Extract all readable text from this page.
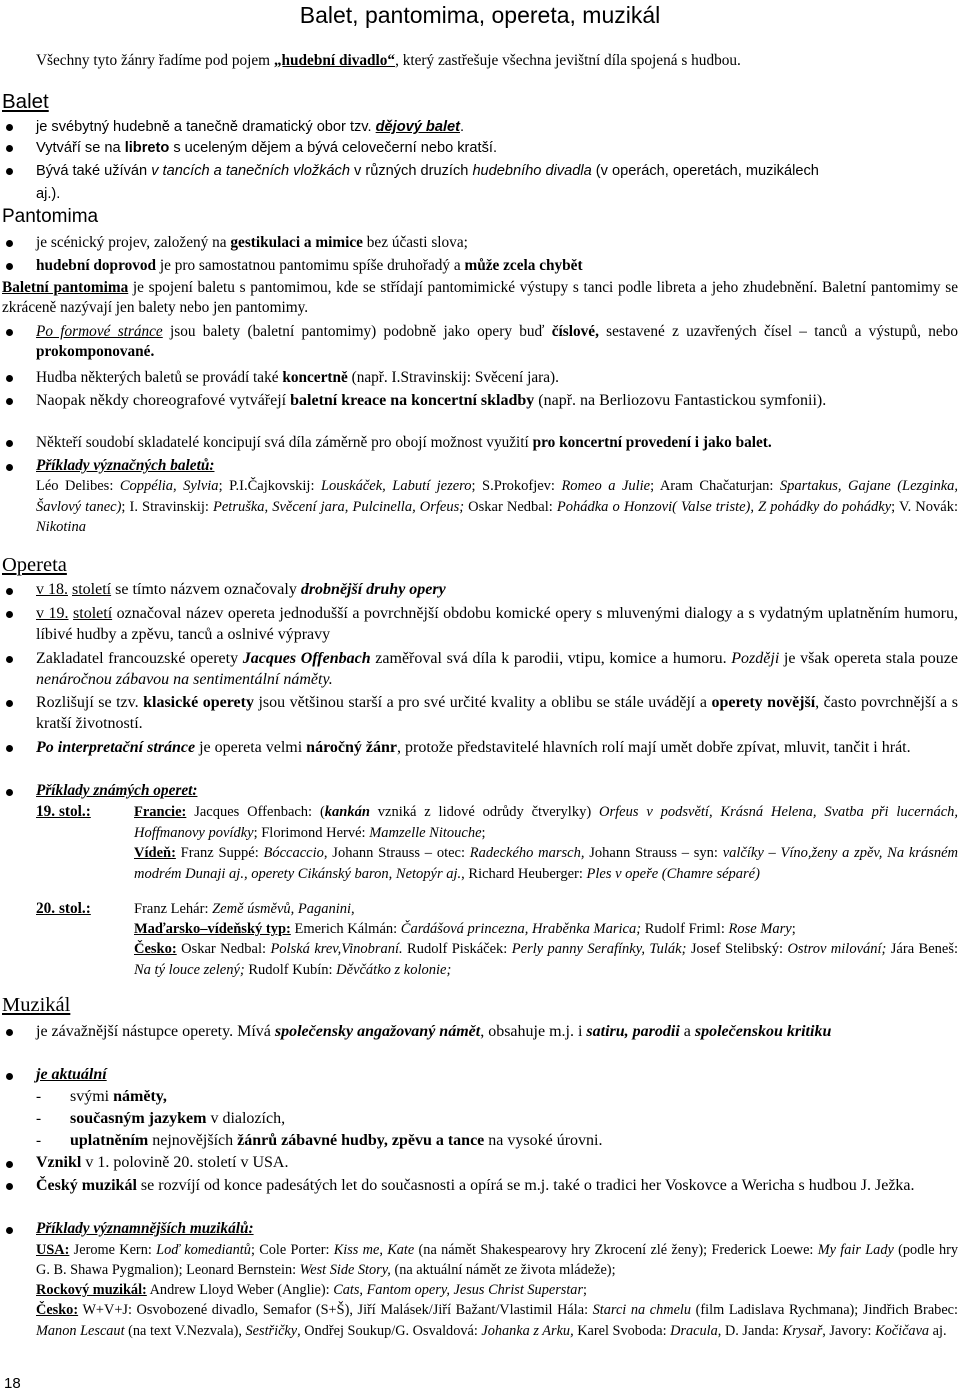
Balet, pantomima, opereta, muzikál
Všechny tyto žánry řadíme pod pojem „hudební divadlo“, který zastřešuje všechna jevištní díla spojená s hudbou.
Balet
je svébytný hudebně a tanečně dramatický obor tzv. dějový balet.
Vytváří se na libreto s uceleným dějem a bývá celovečerní nebo kratší.
Bývá také užíván v tancích a tanečních vložkách v různých druzích hudebního divadla (v operách, operetách, muzikálech
aj.).
Pantomima
je scénický projev, založený na gestikulaci a mimice bez účasti slova;
hudební doprovod je pro samostatnou pantomimu spíše druhořadý a může zcela chybět
Baletní pantomima je spojení baletu s pantomimou, kde se střídají pantomimické výstupy s tanci podle libreta a jeho zhudebnění. Baletní pantomimy se zkráceně nazývají jen balety nebo jen pantomimy.
Po formové stránce jsou balety (baletní pantomimy) podobně jako opery buď číslové, sestavené z uzavřených čísel – tanců a výstupů, nebo prokomponované.
Hudba některých baletů se provádí také koncertně (např. I.Stravinskij: Svěcení jara).
Naopak někdy choreografové vytvářejí baletní kreace na koncertní skladby (např. na Berliozovu Fantastickou symfonii).
Někteří soudobí skladatelé koncipují svá díla záměrně pro obojí možnost využití pro koncertní provedení i jako balet.
Příklady význačných baletů:
Léo Delibes: Coppélia, Sylvia; P.I.Čajkovskij: Louskáček, Labutí jezero; S.Prokofjev: Romeo a Julie; Aram Chačaturjan: Spartakus, Gajane (Lezginka, Šavlový tanec); I. Stravinskij: Petruška, Svěcení jara, Pulcinella, Orfeus; Oskar Nedbal: Pohádka o Honzovi( Valse triste), Z pohádky do pohádky; V. Novák: Nikotina
Opereta
v 18. století se tímto názvem označovaly drobnější druhy opery
v 19. století označoval název opereta jednodušší a povrchnější obdobu komické opery s mluvenými dialogy a s vydatným uplatněním humoru, líbivé hudby a zpěvu, tanců a oslnivé výpravy
Zakladatel francouzské operety Jacques Offenbach zaměřoval svá díla k parodii, vtipu, komice a humoru. Později je však opereta stala pouze nenáročnou zábavou na sentimentální náměty.
Rozlišují se tzv. klasické operety jsou většinou starší a pro své určité kvality a oblibu se stále uvádějí a operety novější, často povrchnější a s kratší životností.
Po interpretační stránce je opereta velmi náročný žánr, protože představitelé hlavních rolí mají umět dobře zpívat, mluvit, tančit i hrát.
Příklady známých operet:
19. stol.:	Francie: Jacques Offenbach: (kankán vzniká z lidové odrůdy čtverylky) Orfeus v podsvětí, Krásná Helena, Svatba při lucernách, Hoffmanovy povídky; Florimond Hervé: Mamzelle Nitouche;
Vídeň: Franz Suppé: Bóccaccio, Johann Strauss – otec: Radeckého marsch, Johann Strauss – syn: valčíky – Víno,ženy a zpěv, Na krásném modrém Dunaji aj., operety Cikánský baron, Netopýr aj., Richard Heuberger: Ples v opeře (Chamre séparé)
20. stol.:	Franz Lehár: Země úsměvů, Paganini,
Maďarsko–vídeňský typ: Emerich Kálmán: Čardášová princezna, Hraběnka Marica; Rudolf Friml: Rose Mary;
Česko: Oskar Nedbal: Polská krev,Vinobraní. Rudolf Piskáček: Perly panny Serafínky, Tulák; Josef Stelibský: Ostrov milování; Jára Beneš: Na tý louce zelený; Rudolf Kubín: Děvčátko z kolonie;
Muzikál
je závažnější nástupce operety. Mívá společensky angažovaný námět, obsahuje m.j. i satiru, parodii a společenskou kritiku
je aktuální
- svými náměty,
- současným jazykem v dialozích,
- uplatněním nejnovějších žánrů zábavné hudby, zpěvu a tance na vysoké úrovni.
Vznikl v 1. polovině 20. století v USA.
Český muzikál se rozvíjí od konce padesátých let do současnosti a opírá se m.j. také o tradici her Voskovce a Wericha s hudbou J. Ježka.
Příklady významnějších muzikálů:
USA: Jerome Kern: Loď komediantů; Cole Porter: Kiss me, Kate (na námět Shakespearovy hry Zkrocení zlé ženy); Frederick Loewe: My fair Lady (podle hry G. B. Shawa Pygmalion); Leonard Bernstein: West Side Story, (na aktuální námět ze života mládeže);
Rockový muzikál: Andrew Lloyd Weber (Anglie): Cats, Fantom opery, Jesus Christ Superstar;
Česko: W+V+J: Osvobozené divadlo, Semafor (S+Š), Jiří Malásek/Jiří Bažant/Vlastimil Hála: Starci na chmelu (film Ladislava Rychmana); Jindřich Brabec: Manon Lescaut (na text V.Nezvala), Sestřičky, Ondřej Soukup/G. Osvaldová: Johanka z Arku, Karel Svoboda: Dracula, D. Janda: Krysař, Javory: Kočičava aj.
18
